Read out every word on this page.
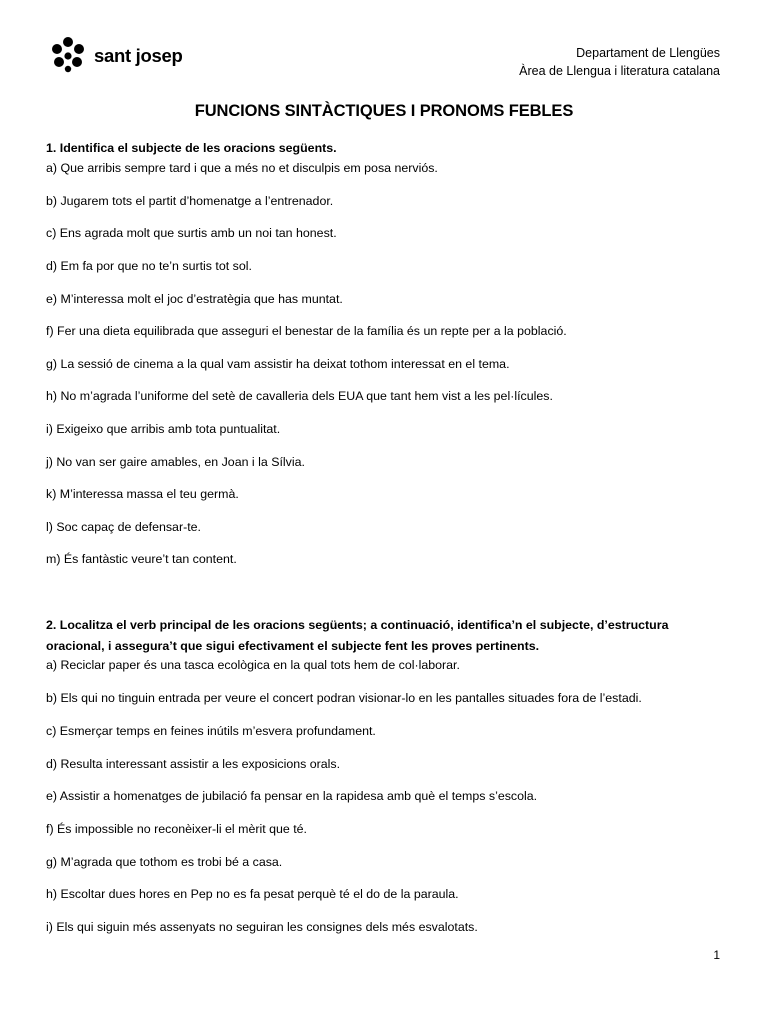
sant josep	Departament de Llengües
Àrea de Llengua i literatura catalana
FUNCIONS SINTÀCTIQUES I PRONOMS FEBLES
1. Identifica el subjecte de les oracions següents.
a) Que arribis sempre tard i que a més no et disculpis em posa nerviós.
b) Jugarem tots el partit d’homenatge a l’entrenador.
c) Ens agrada molt que surtis amb un noi tan honest.
d) Em fa por que no te’n surtis tot sol.
e) M’interessa molt el joc d’estratègia que has muntat.
f) Fer una dieta equilibrada que asseguri el benestar de la família és un repte per a la població.
g) La sessió de cinema a la qual vam assistir ha deixat tothom interessat en el tema.
h) No m’agrada l’uniforme del setè de cavalleria dels EUA que tant hem vist a les pel·lícules.
i) Exigeixo que arribis amb tota puntualitat.
j) No van ser gaire amables, en Joan i la Sílvia.
k) M’interessa massa el teu germà.
l) Soc capaç de defensar-te.
m) És fantàstic veure’t tan content.
2. Localitza el verb principal de les oracions següents; a continuació, identifica’n el subjecte, d’estructura
oracional, i assegura’t que sigui efectivament el subjecte fent les proves pertinents.
a) Reciclar paper és una tasca ecològica en la qual tots hem de col·laborar.
b) Els qui no tinguin entrada per veure el concert podran visionar-lo en les pantalles situades fora de l’estadi.
c) Esmerçar temps en feines inútils m’esvera profundament.
d) Resulta interessant assistir a les exposicions orals.
e) Assistir a homenatges de jubilació fa pensar en la rapidesa amb què el temps s’escola.
f) És impossible no reconèixer-li el mèrit que té.
g) M’agrada que tothom es trobi bé a casa.
h) Escoltar dues hores en Pep no es fa pesat perquè té el do de la paraula.
i) Els qui siguin més assenyats no seguiran les consignes dels més esvalotats.
1
